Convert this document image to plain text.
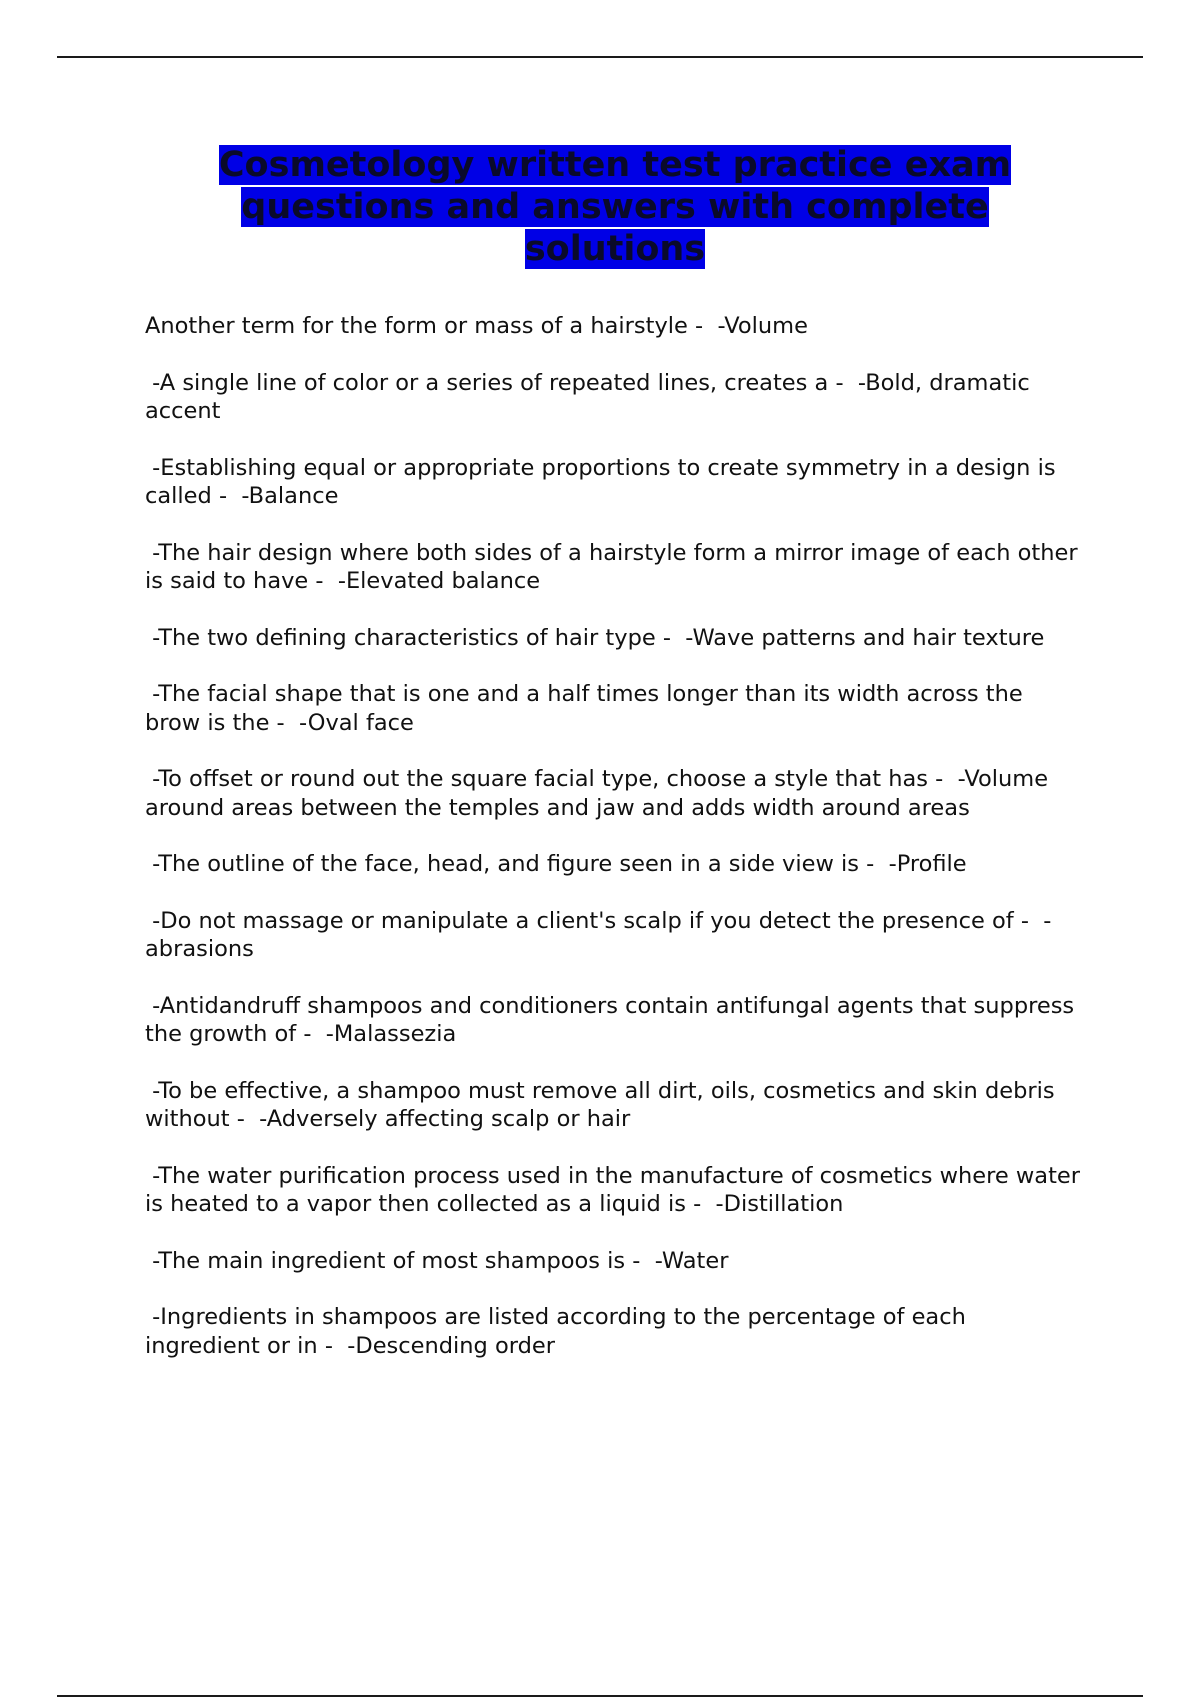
Cosmetology written test practice exam questions and answers with complete solutions
Another term for the form or mass of a hairstyle -  -Volume
-A single line of color or a series of repeated lines, creates a -  -Bold, dramatic accent
-Establishing equal or appropriate proportions to create symmetry in a design is called -  -Balance
-The hair design where both sides of a hairstyle form a mirror image of each other is said to have -  -Elevated balance
-The two defining characteristics of hair type -  -Wave patterns and hair texture
-The facial shape that is one and a half times longer than its width across the brow is the -  -Oval face
-To offset or round out the square facial type, choose a style that has -  -Volume around areas between the temples and jaw and adds width around areas
-The outline of the face, head, and figure seen in a side view is -  -Profile
-Do not massage or manipulate a client's scalp if you detect the presence of -  -abrasions
-Antidandruff shampoos and conditioners contain antifungal agents that suppress the growth of -  -Malassezia
-To be effective, a shampoo must remove all dirt, oils, cosmetics and skin debris without -  -Adversely affecting scalp or hair
-The water purification process used in the manufacture of cosmetics where water is heated to a vapor then collected as a liquid is -  -Distillation
-The main ingredient of most shampoos is -  -Water
-Ingredients in shampoos are listed according to the percentage of each ingredient or in -  -Descending order
